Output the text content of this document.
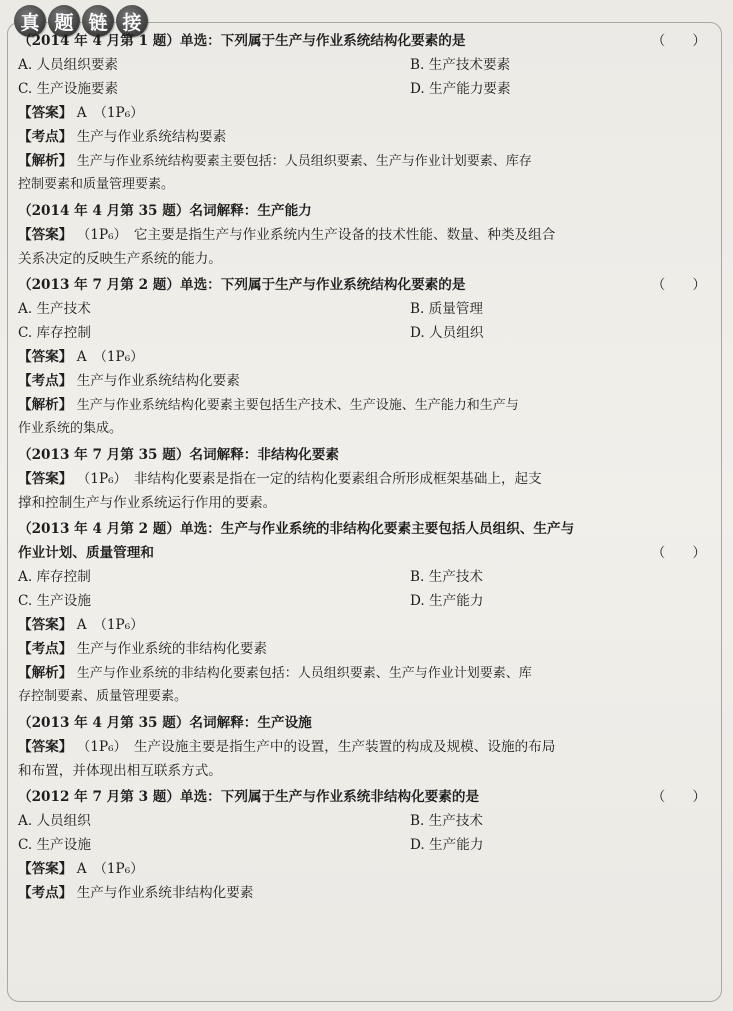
真 题 链 接
（2014 年 4 月第 1 题）单选：下列属于生产与作业系统结构化要素的是	（　　）
A. 人员组织要素	B. 生产技术要素
C. 生产设施要素	D. 生产能力要素
【答案】 A　（1P₆）
【考点】 生产与作业系统结构要素
【解析】 生产与作业系统结构要素主要包括：人员组织要素、生产与作业计划要素、库存
控制要素和质量管理要素。
（2014 年 4 月第 35 题）名词解释：生产能力
【答案】 （1P₆）　它主要是指生产与作业系统内生产设备的技术性能、数量、种类及组合
关系决定的反映生产系统的能力。
（2013 年 7 月第 2 题）单选：下列属于生产与作业系统结构化要素的是	（　　）
A. 生产技术	B. 质量管理
C. 库存控制	D. 人员组织
【答案】 A　（1P₆）
【考点】 生产与作业系统结构化要素
【解析】 生产与作业系统结构化要素主要包括生产技术、生产设施、生产能力和生产与
作业系统的集成。
（2013 年 7 月第 35 题）名词解释：非结构化要素
【答案】 （1P₆）　非结构化要素是指在一定的结构化要素组合所形成框架基础上，起支
撑和控制生产与作业系统运行作用的要素。
（2013 年 4 月第 2 题）单选：生产与作业系统的非结构化要素主要包括人员组织、生产与
作业计划、质量管理和	（　　）
A. 库存控制	B. 生产技术
C. 生产设施	D. 生产能力
【答案】 A　（1P₆）
【考点】 生产与作业系统的非结构化要素
【解析】 生产与作业系统的非结构化要素包括：人员组织要素、生产与作业计划要素、库
存控制要素、质量管理要素。
（2013 年 4 月第 35 题）名词解释：生产设施
【答案】 （1P₆）　生产设施主要是指生产中的设置，生产装置的构成及规模、设施的布局
和布置，并体现出相互联系方式。
（2012 年 7 月第 3 题）单选：下列属于生产与作业系统非结构化要素的是	（　　）
A. 人员组织	B. 生产技术
C. 生产设施	D. 生产能力
【答案】 A　（1P₆）
【考点】 生产与作业系统非结构化要素
